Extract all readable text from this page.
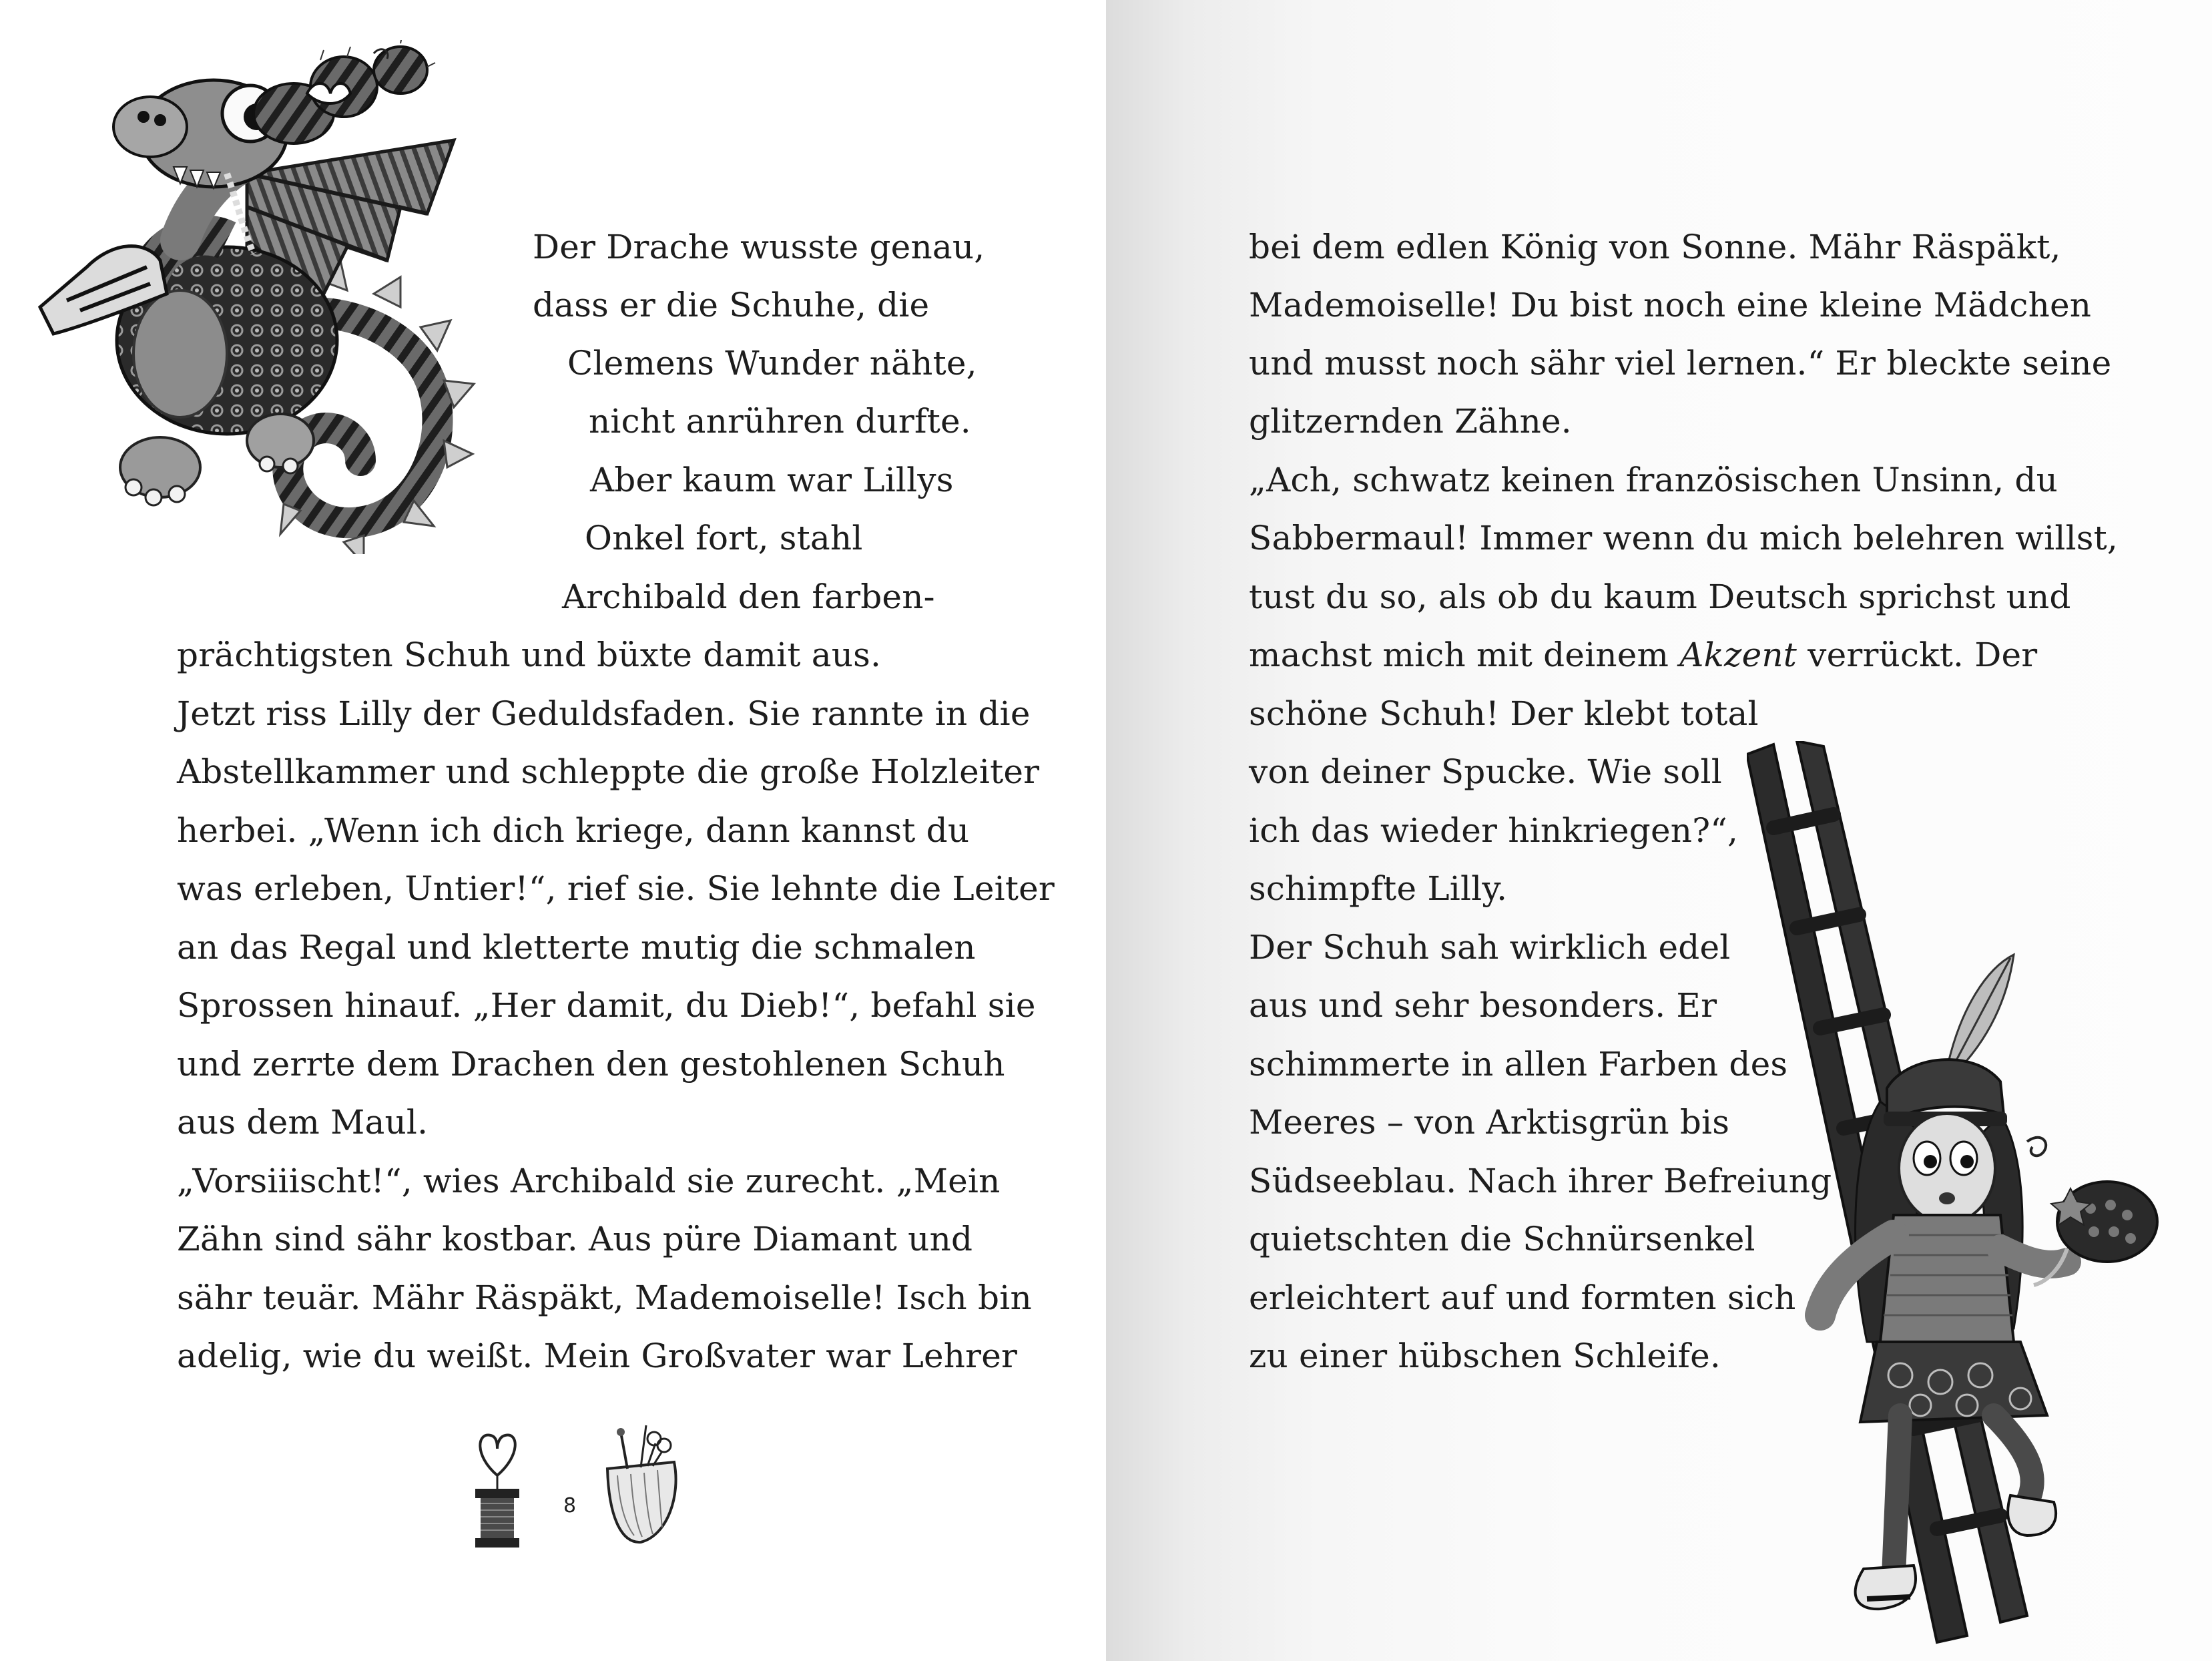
Der Drache wusste genau,
dass er die Schuhe, die
Clemens Wunder nähte,
nicht anrühren durfte.
Aber kaum war Lillys
Onkel fort, stahl
Archibald den farben-
prächtigsten Schuh und büxte damit aus.
Jetzt riss Lilly der Geduldsfaden. Sie rannte in die
Abstellkammer und schleppte die große Holzleiter
herbei. „Wenn ich dich kriege, dann kannst du
was erleben, Untier!“, rief sie. Sie lehnte die Leiter
an das Regal und kletterte mutig die schmalen
Sprossen hinauf. „Her damit, du Dieb!“, befahl sie
und zerrte dem Drachen den gestohlenen Schuh
aus dem Maul.
„Vorsiiischt!“, wies Archibald sie zurecht. „Mein
Zähn sind sähr kostbar. Aus püre Diamant und
sähr teuär. Mähr Räspäkt, Mademoiselle! Isch bin
adelig, wie du weißt. Mein Großvater war Lehrer
8
bei dem edlen König von Sonne. Mähr Räspäkt,
Mademoiselle! Du bist noch eine kleine Mädchen
und musst noch sähr viel lernen.“ Er bleckte seine
glitzernden Zähne.
„Ach, schwatz keinen französischen Unsinn, du
Sabbermaul! Immer wenn du mich belehren willst,
tust du so, als ob du kaum Deutsch sprichst und
machst mich mit deinem Akzent verrückt. Der
schöne Schuh! Der klebt total
von deiner Spucke. Wie soll
ich das wieder hinkriegen?“,
schimpfte Lilly.
Der Schuh sah wirklich edel
aus und sehr besonders. Er
schimmerte in allen Farben des
Meeres – von Arktisgrün bis
Südseeblau. Nach ihrer Befreiung
quietschten die Schnürsenkel
erleichtert auf und formten sich
zu einer hübschen Schleife.
